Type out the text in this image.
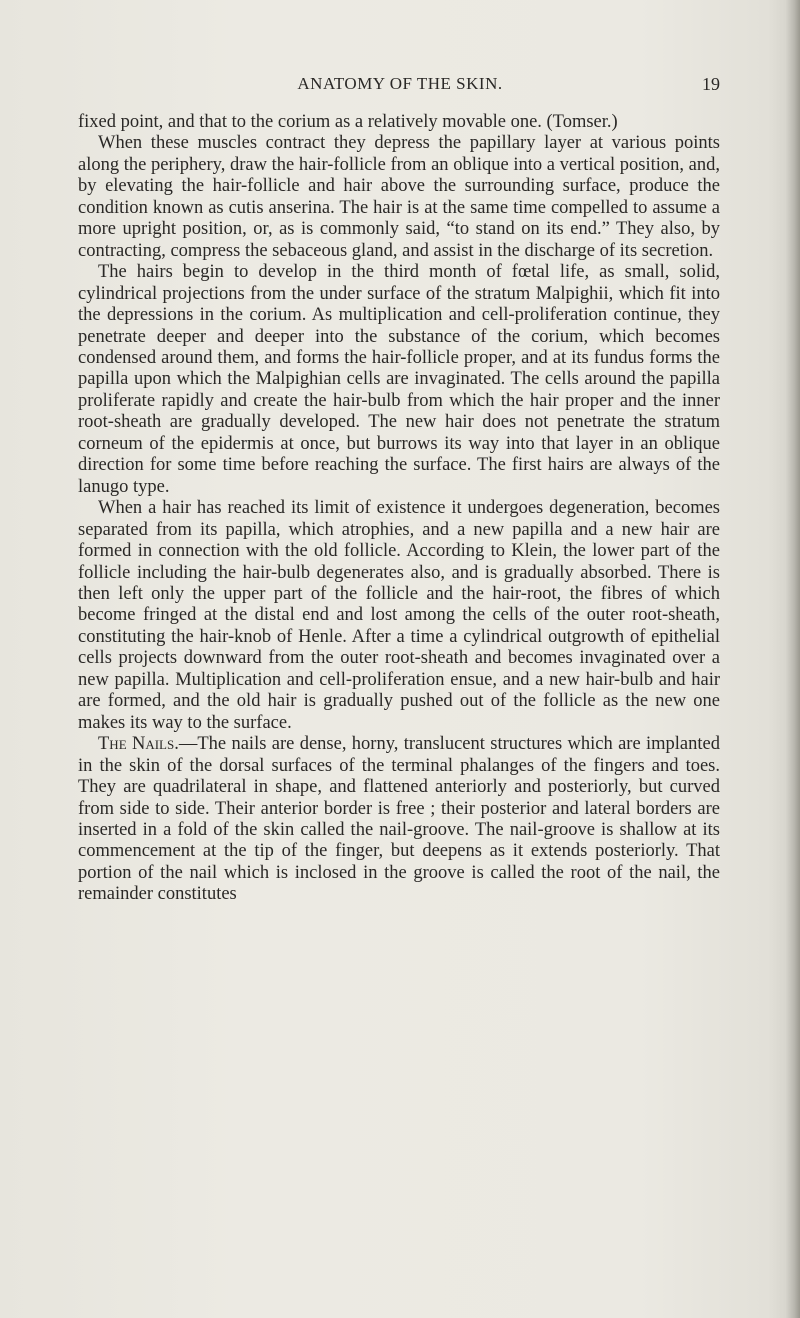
ANATOMY OF THE SKIN.	19

fixed point, and that to the corium as a relatively movable one. (Tomser.)

When these muscles contract they depress the papillary layer at various points along the periphery, draw the hair-follicle from an oblique into a vertical position, and, by elevating the hair-follicle and hair above the surrounding surface, produce the condition known as cutis anserina. The hair is at the same time compelled to assume a more upright position, or, as is commonly said, “to stand on its end.” They also, by contracting, compress the sebaceous gland, and assist in the discharge of its secretion.

The hairs begin to develop in the third month of fœtal life, as small, solid, cylindrical projections from the under surface of the stratum Malpighii, which fit into the depressions in the corium. As multiplication and cell-proliferation continue, they penetrate deeper and deeper into the substance of the corium, which becomes condensed around them, and forms the hair-follicle proper, and at its fundus forms the papilla upon which the Malpighian cells are invaginated. The cells around the papilla proliferate rapidly and create the hair-bulb from which the hair proper and the inner root-sheath are gradually developed. The new hair does not penetrate the stratum corneum of the epidermis at once, but burrows its way into that layer in an oblique direction for some time before reaching the surface. The first hairs are always of the lanugo type.

When a hair has reached its limit of existence it undergoes degeneration, becomes separated from its papilla, which atrophies, and a new papilla and a new hair are formed in connection with the old follicle. According to Klein, the lower part of the follicle including the hair-bulb degenerates also, and is gradually absorbed. There is then left only the upper part of the follicle and the hair-root, the fibres of which become fringed at the distal end and lost among the cells of the outer root-sheath, constituting the hair-knob of Henle. After a time a cylindrical outgrowth of epithelial cells projects downward from the outer root-sheath and becomes invaginated over a new papilla. Multiplication and cell-proliferation ensue, and a new hair-bulb and hair are formed, and the old hair is gradually pushed out of the follicle as the new one makes its way to the surface.

The Nails.—The nails are dense, horny, translucent structures which are implanted in the skin of the dorsal surfaces of the terminal phalanges of the fingers and toes. They are quadrilateral in shape, and flattened anteriorly and posteriorly, but curved from side to side. Their anterior border is free ; their posterior and lateral borders are inserted in a fold of the skin called the nail-groove. The nail-groove is shallow at its commencement at the tip of the finger, but deepens as it extends posteriorly. That portion of the nail which is inclosed in the groove is called the root of the nail, the remainder constitutes
